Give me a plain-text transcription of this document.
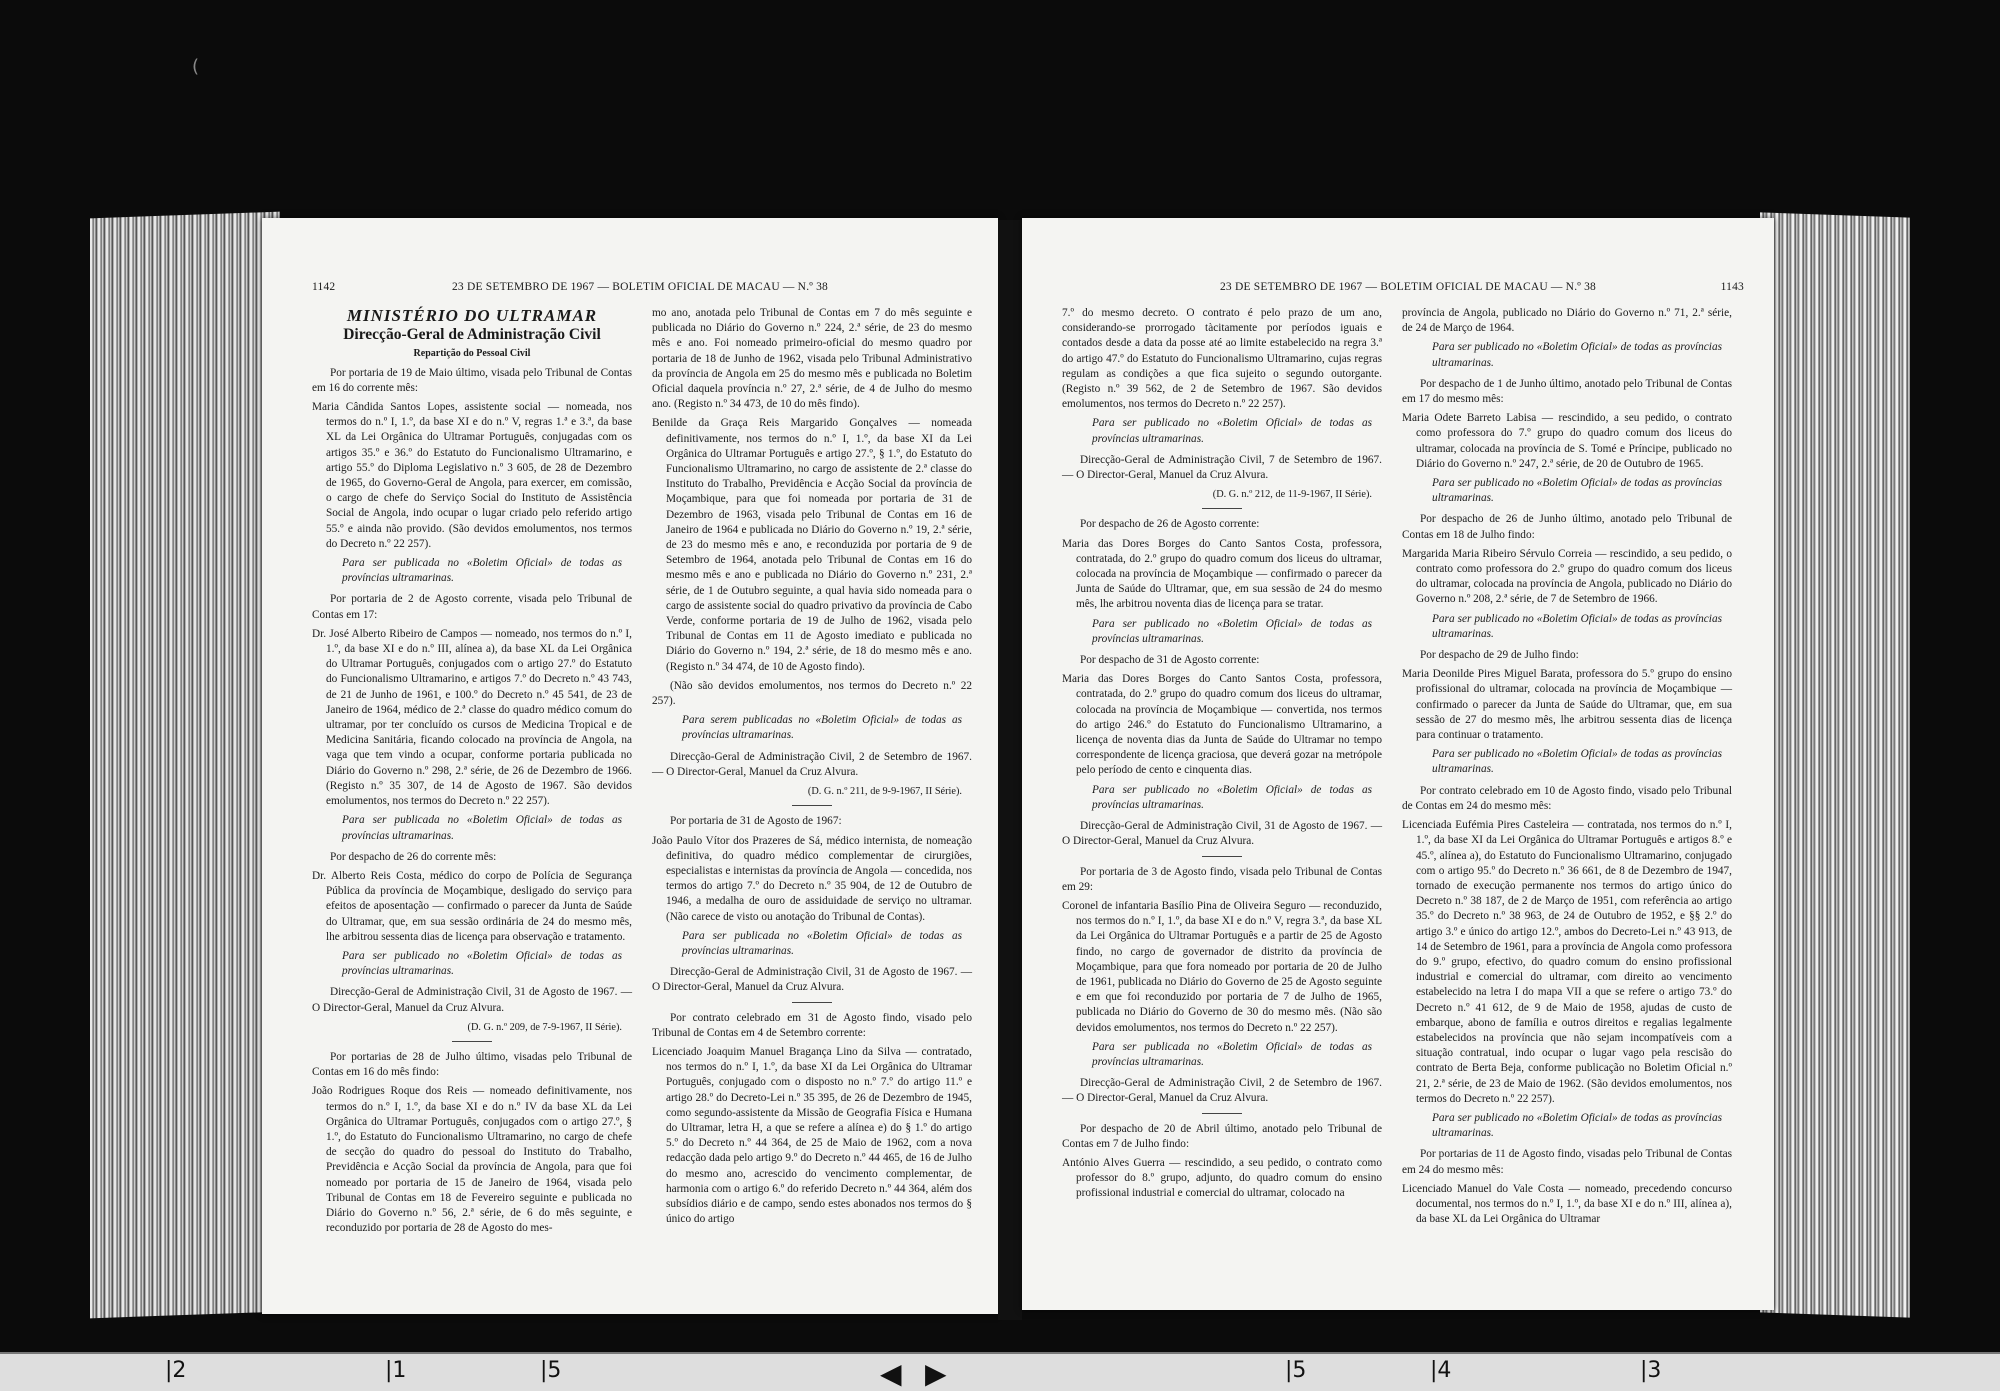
(
1142	23 DE SETEMBRO DE 1967 — BOLETIM OFICIAL DE MACAU — N.º 38

MINISTÉRIO DO ULTRAMAR

Direcção-Geral de Administração Civil

Repartição do Pessoal Civil

Por portaria de 19 de Maio último, visada pelo Tribunal de Contas em 16 do corrente mês:

Maria Cândida Santos Lopes, assistente social — nomeada, nos termos do n.º I, 1.º, da base XI e do n.º V, regras 1.ª e 3.ª, da base XL da Lei Orgânica do Ultramar Português, conjugadas com os artigos 35.º e 36.º do Estatuto do Funcionalismo Ultramarino, e artigo 55.º do Diploma Legislativo n.º 3 605, de 28 de Dezembro de 1965, do Governo-Geral de Angola, para exercer, em comissão, o cargo de chefe do Serviço Social do Instituto de Assistência Social de Angola, indo ocupar o lugar criado pelo referido artigo 55.º e ainda não provido. (São devidos emolumentos, nos termos do Decreto n.º 22 257).

Para ser publicada no «Boletim Oficial» de todas as províncias ultramarinas.

Por portaria de 2 de Agosto corrente, visada pelo Tribunal de Contas em 17:

Dr. José Alberto Ribeiro de Campos — nomeado, nos termos do n.º I, 1.º, da base XI e do n.º III, alínea a), da base XL da Lei Orgânica do Ultramar Português, conjugados com o artigo 27.º do Estatuto do Funcionalismo Ultramarino, e artigos 7.º do Decreto n.º 43 743, de 21 de Junho de 1961, e 100.º do Decreto n.º 45 541, de 23 de Janeiro de 1964, médico de 2.ª classe do quadro médico comum do ultramar, por ter concluído os cursos de Medicina Tropical e de Medicina Sanitária, ficando colocado na província de Angola, na vaga que tem vindo a ocupar, conforme portaria publicada no Diário do Governo n.º 298, 2.ª série, de 26 de Dezembro de 1966. (Registo n.º 35 307, de 14 de Agosto de 1967. São devidos emolumentos, nos termos do Decreto n.º 22 257).

Para ser publicada no «Boletim Oficial» de todas as províncias ultramarinas.

Por despacho de 26 do corrente mês:

Dr. Alberto Reis Costa, médico do corpo de Polícia de Segurança Pública da província de Moçambique, desligado do serviço para efeitos de aposentação — confirmado o parecer da Junta de Saúde do Ultramar, que, em sua sessão ordinária de 24 do mesmo mês, lhe arbitrou sessenta dias de licença para observação e tratamento.

Para ser publicado no «Boletim Oficial» de todas as províncias ultramarinas.

Direcção-Geral de Administração Civil, 31 de Agosto de 1967. — O Director-Geral, Manuel da Cruz Alvura.

(D. G. n.º 209, de 7-9-1967, II Série).

Por portarias de 28 de Julho último, visadas pelo Tribunal de Contas em 16 do mês findo:

João Rodrigues Roque dos Reis — nomeado definitivamente, nos termos do n.º I, 1.º, da base XI e do n.º IV da base XL da Lei Orgânica do Ultramar Português, conjugados com o artigo 27.º, § 1.º, do Estatuto do Funcionalismo Ultramarino, no cargo de chefe de secção do quadro do pessoal do Instituto do Trabalho, Previdência e Acção Social da província de Angola, para que foi nomeado por portaria de 15 de Janeiro de 1964, visada pelo Tribunal de Contas em 18 de Fevereiro seguinte e publicada no Diário do Governo n.º 56, 2.ª série, de 6 do mês seguinte, e reconduzido por portaria de 28 de Agosto do mes-

mo ano, anotada pelo Tribunal de Contas em 7 do mês seguinte e publicada no Diário do Governo n.º 224, 2.ª série, de 23 do mesmo mês e ano. Foi nomeado primeiro-oficial do mesmo quadro por portaria de 18 de Junho de 1962, visada pelo Tribunal Administrativo da província de Angola em 25 do mesmo mês e publicada no Boletim Oficial daquela província n.º 27, 2.ª série, de 4 de Julho do mesmo ano. (Registo n.º 34 473, de 10 do mês findo).

Benilde da Graça Reis Margarido Gonçalves — nomeada definitivamente, nos termos do n.º I, 1.º, da base XI da Lei Orgânica do Ultramar Português e artigo 27.º, § 1.º, do Estatuto do Funcionalismo Ultramarino, no cargo de assistente de 2.ª classe do Instituto do Trabalho, Previdência e Acção Social da província de Moçambique, para que foi nomeada por portaria de 31 de Dezembro de 1963, visada pelo Tribunal de Contas em 16 de Janeiro de 1964 e publicada no Diário do Governo n.º 19, 2.ª série, de 23 do mesmo mês e ano, e reconduzida por portaria de 9 de Setembro de 1964, anotada pelo Tribunal de Contas em 16 do mesmo mês e ano e publicada no Diário do Governo n.º 231, 2.ª série, de 1 de Outubro seguinte, a qual havia sido nomeada para o cargo de assistente social do quadro privativo da província de Cabo Verde, conforme portaria de 19 de Julho de 1962, visada pelo Tribunal de Contas em 11 de Agosto imediato e publicada no Diário do Governo n.º 194, 2.ª série, de 18 do mesmo mês e ano. (Registo n.º 34 474, de 10 de Agosto findo).

(Não são devidos emolumentos, nos termos do Decreto n.º 22 257).

Para serem publicadas no «Boletim Oficial» de todas as províncias ultramarinas.

Direcção-Geral de Administração Civil, 2 de Setembro de 1967. — O Director-Geral, Manuel da Cruz Alvura.

(D. G. n.º 211, de 9-9-1967, II Série).

Por portaria de 31 de Agosto de 1967:

João Paulo Vítor dos Prazeres de Sá, médico internista, de nomeação definitiva, do quadro médico complementar de cirurgiões, especialistas e internistas da província de Angola — concedida, nos termos do artigo 7.º do Decreto n.º 35 904, de 12 de Outubro de 1946, a medalha de ouro de assiduidade de serviço no ultramar. (Não carece de visto ou anotação do Tribunal de Contas).

Para ser publicada no «Boletim Oficial» de todas as províncias ultramarinas.

Direcção-Geral de Administração Civil, 31 de Agosto de 1967. — O Director-Geral, Manuel da Cruz Alvura.

Por contrato celebrado em 31 de Agosto findo, visado pelo Tribunal de Contas em 4 de Setembro corrente:

Licenciado Joaquim Manuel Bragança Lino da Silva — contratado, nos termos do n.º I, 1.º, da base XI da Lei Orgânica do Ultramar Português, conjugado com o disposto no n.º 7.º do artigo 11.º e artigo 28.º do Decreto-Lei n.º 35 395, de 26 de Dezembro de 1945, como segundo-assistente da Missão de Geografia Física e Humana do Ultramar, letra H, a que se refere a alínea e) do § 1.º do artigo 5.º do Decreto n.º 44 364, de 25 de Maio de 1962, com a nova redacção dada pelo artigo 9.º do Decreto n.º 44 465, de 16 de Julho do mesmo ano, acrescido do vencimento complementar, de harmonia com o artigo 6.º do referido Decreto n.º 44 364, além dos subsídios diário e de campo, sendo estes abonados nos termos do § único do artigo

23 DE SETEMBRO DE 1967 — BOLETIM OFICIAL DE MACAU — N.º 38	1143

7.º do mesmo decreto. O contrato é pelo prazo de um ano, considerando-se prorrogado tàcitamente por períodos iguais e contados desde a data da posse até ao limite estabelecido na regra 3.ª do artigo 47.º do Estatuto do Funcionalismo Ultramarino, cujas regras regulam as condições a que fica sujeito o segundo outorgante. (Registo n.º 39 562, de 2 de Setembro de 1967. São devidos emolumentos, nos termos do Decreto n.º 22 257).

Para ser publicado no «Boletim Oficial» de todas as províncias ultramarinas.

Direcção-Geral de Administração Civil, 7 de Setembro de 1967. — O Director-Geral, Manuel da Cruz Alvura.

(D. G. n.º 212, de 11-9-1967, II Série).

Por despacho de 26 de Agosto corrente:

Maria das Dores Borges do Canto Santos Costa, professora, contratada, do 2.º grupo do quadro comum dos liceus do ultramar, colocada na província de Moçambique — confirmado o parecer da Junta de Saúde do Ultramar, que, em sua sessão de 24 do mesmo mês, lhe arbitrou noventa dias de licença para se tratar.

Para ser publicado no «Boletim Oficial» de todas as províncias ultramarinas.

Por despacho de 31 de Agosto corrente:

Maria das Dores Borges do Canto Santos Costa, professora, contratada, do 2.º grupo do quadro comum dos liceus do ultramar, colocada na província de Moçambique — convertida, nos termos do artigo 246.º do Estatuto do Funcionalismo Ultramarino, a licença de noventa dias da Junta de Saúde do Ultramar no tempo correspondente de licença graciosa, que deverá gozar na metrópole pelo período de cento e cinquenta dias.

Para ser publicado no «Boletim Oficial» de todas as províncias ultramarinas.

Direcção-Geral de Administração Civil, 31 de Agosto de 1967. — O Director-Geral, Manuel da Cruz Alvura.

Por portaria de 3 de Agosto findo, visada pelo Tribunal de Contas em 29:

Coronel de infantaria Basílio Pina de Oliveira Seguro — reconduzido, nos termos do n.º I, 1.º, da base XI e do n.º V, regra 3.ª, da base XL da Lei Orgânica do Ultramar Português e a partir de 25 de Agosto findo, no cargo de governador de distrito da província de Moçambique, para que fora nomeado por portaria de 20 de Julho de 1961, publicada no Diário do Governo de 25 de Agosto seguinte e em que foi reconduzido por portaria de 7 de Julho de 1965, publicada no Diário do Governo de 30 do mesmo mês. (Não são devidos emolumentos, nos termos do Decreto n.º 22 257).

Para ser publicada no «Boletim Oficial» de todas as províncias ultramarinas.

Direcção-Geral de Administração Civil, 2 de Setembro de 1967. — O Director-Geral, Manuel da Cruz Alvura.

Por despacho de 20 de Abril último, anotado pelo Tribunal de Contas em 7 de Julho findo:

António Alves Guerra — rescindido, a seu pedido, o contrato como professor do 8.º grupo, adjunto, do quadro comum do ensino profissional industrial e comercial do ultramar, colocado na

província de Angola, publicado no Diário do Governo n.º 71, 2.ª série, de 24 de Março de 1964.

Para ser publicado no «Boletim Oficial» de todas as províncias ultramarinas.

Por despacho de 1 de Junho último, anotado pelo Tribunal de Contas em 17 do mesmo mês:

Maria Odete Barreto Labisa — rescindido, a seu pedido, o contrato como professora do 7.º grupo do quadro comum dos liceus do ultramar, colocada na província de S. Tomé e Príncipe, publicado no Diário do Governo n.º 247, 2.ª série, de 20 de Outubro de 1965.

Para ser publicado no «Boletim Oficial» de todas as províncias ultramarinas.

Por despacho de 26 de Junho último, anotado pelo Tribunal de Contas em 18 de Julho findo:

Margarida Maria Ribeiro Sérvulo Correia — rescindido, a seu pedido, o contrato como professora do 2.º grupo do quadro comum dos liceus do ultramar, colocada na província de Angola, publicado no Diário do Governo n.º 208, 2.ª série, de 7 de Setembro de 1966.

Para ser publicado no «Boletim Oficial» de todas as províncias ultramarinas.

Por despacho de 29 de Julho findo:

Maria Deonilde Pires Miguel Barata, professora do 5.º grupo do ensino profissional do ultramar, colocada na província de Moçambique — confirmado o parecer da Junta de Saúde do Ultramar, que, em sua sessão de 27 do mesmo mês, lhe arbitrou sessenta dias de licença para continuar o tratamento.

Para ser publicado no «Boletim Oficial» de todas as províncias ultramarinas.

Por contrato celebrado em 10 de Agosto findo, visado pelo Tribunal de Contas em 24 do mesmo mês:

Licenciada Eufémia Pires Casteleira — contratada, nos termos do n.º I, 1.º, da base XI da Lei Orgânica do Ultramar Português e artigos 8.º e 45.º, alínea a), do Estatuto do Funcionalismo Ultramarino, conjugado com o artigo 95.º do Decreto n.º 36 661, de 8 de Dezembro de 1947, tornado de execução permanente nos termos do artigo único do Decreto n.º 38 187, de 2 de Março de 1951, com referência ao artigo 35.º do Decreto n.º 38 963, de 24 de Outubro de 1952, e §§ 2.º do artigo 3.º e único do artigo 12.º, ambos do Decreto-Lei n.º 43 913, de 14 de Setembro de 1961, para a província de Angola como professora do 9.º grupo, efectivo, do quadro comum do ensino profissional industrial e comercial do ultramar, com direito ao vencimento estabelecido na letra I do mapa VII a que se refere o artigo 73.º do Decreto n.º 41 612, de 9 de Maio de 1958, ajudas de custo de embarque, abono de família e outros direitos e regalias legalmente estabelecidos na província que não sejam incompatíveis com a situação contratual, indo ocupar o lugar vago pela rescisão do contrato de Berta Beja, conforme publicação no Boletim Oficial n.º 21, 2.ª série, de 23 de Maio de 1962. (São devidos emolumentos, nos termos do Decreto n.º 22 257).

Para ser publicado no «Boletim Oficial» de todas as províncias ultramarinas.

Por portarias de 11 de Agosto findo, visadas pelo Tribunal de Contas em 24 do mesmo mês:

Licenciado Manuel do Vale Costa — nomeado, precedendo concurso documental, nos termos do n.º I, 1.º, da base XI e do n.º III, alínea a), da base XL da Lei Orgânica do Ultramar

|2	|1	|5	◀ ▶	|5	|4	|3
